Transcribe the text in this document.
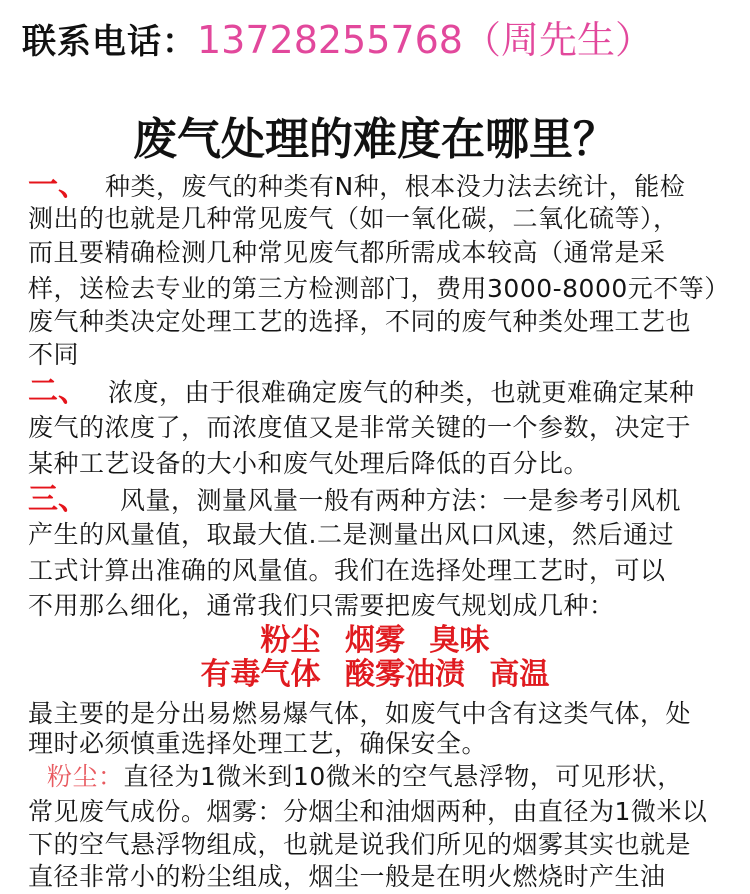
联系电话：13728255768（周先生）
废气处理的难度在哪里？
一、 种类，废气的种类有N种，根本没力法去统计，能检
测出的也就是几种常见废气（如一氧化碳，二氧化硫等），
而且要精确检测几种常见废气都所需成本较高（通常是采
样，送检去专业的第三方检测部门，费用3000-8000元不等）
废气种类决定处理工艺的选择，不同的废气种类处理工艺也
不同
二、 浓度，由于很难确定废气的种类，也就更难确定某种
废气的浓度了，而浓度值又是非常关键的一个参数，决定于
某种工艺设备的大小和废气处理后降低的百分比。
三、 风量，测量风量一般有两种方法：一是参考引风机
产生的风量值，取最大值.二是测量出风口风速，然后通过
工式计算出准确的风量值。我们在选择处理工艺时，可以
不用那么细化，通常我们只需要把废气规划成几种：
粉尘 烟雾 臭味
有毒气体 酸雾油渍 高温
最主要的是分出易燃易爆气体，如废气中含有这类气体，处
理时必须慎重选择处理工艺，确保安全。
粉尘：直径为1微米到10微米的空气悬浮物，可见形状，
常见废气成份。烟雾：分烟尘和油烟两种，由直径为1微米以
下的空气悬浮物组成，也就是说我们所见的烟雾其实也就是
直径非常小的粉尘组成，烟尘一般是在明火燃烧时产生油
